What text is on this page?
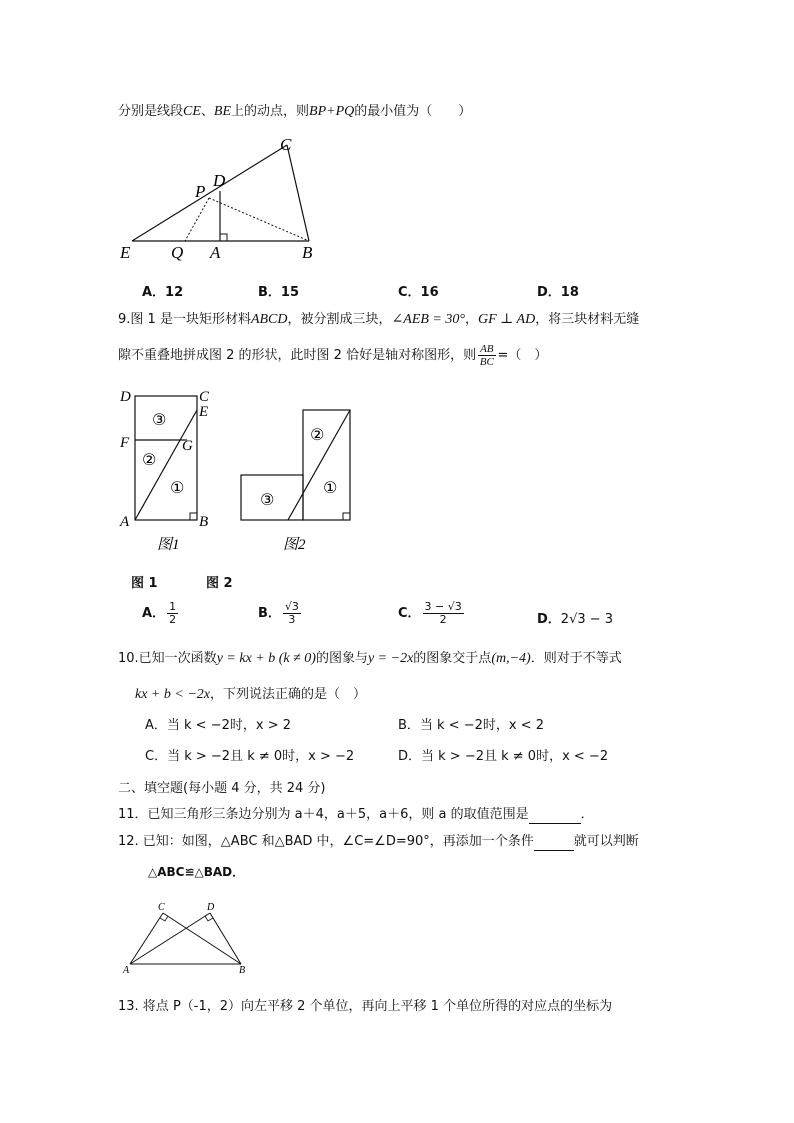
分别是线段CE、BE上的动点，则BP+PQ的最小值为（　　）
C
D
P
E Q A	B
A．12	B．15	C．16	D．18
9.图 1 是一块矩形材料ABCD，被分割成三块，∠AEB = 30°，GF ⊥ AD，将三块材料无缝
隙不重叠地拼成图 2 的形状，此时图 2 恰好是轴对称图形，则 $\frac{AB}{BC}$ =（　）
D	C
E
F	G
A	B
③
②
①
②
③
①
图1	图2
图 1	图 2
A． $\frac{1}{2}$	B． $\frac{√3}{3}$	C． $\frac{3 - √3}{2}$	D．2√3 − 3
10.已知一次函数y = kx + b (k ≠ 0)的图象与y = −2x的图象交于点(m,−4)．则对于不等式
kx + b < −2x，下列说法正确的是（　）
A．当 k < −2时，x > 2	B．当 k < −2时，x < 2
C．当 k > −2且 k ≠ 0时，x > −2	D．当 k > −2且 k ≠ 0时，x < −2
二、填空题(每小题 4 分，共 24 分)
11．已知三角形三条边分别为 a＋4，a＋5，a＋6，则 a 的取值范围是	．
12. 已知：如图，△ABC 和△BAD 中，∠C=∠D=90°，再添加一个条件	就可以判断
△ABC≌△BAD．
C	D
A	B
13. 将点 P（-1，2）向左平移 2 个单位，再向上平移 1 个单位所得的对应点的坐标为
